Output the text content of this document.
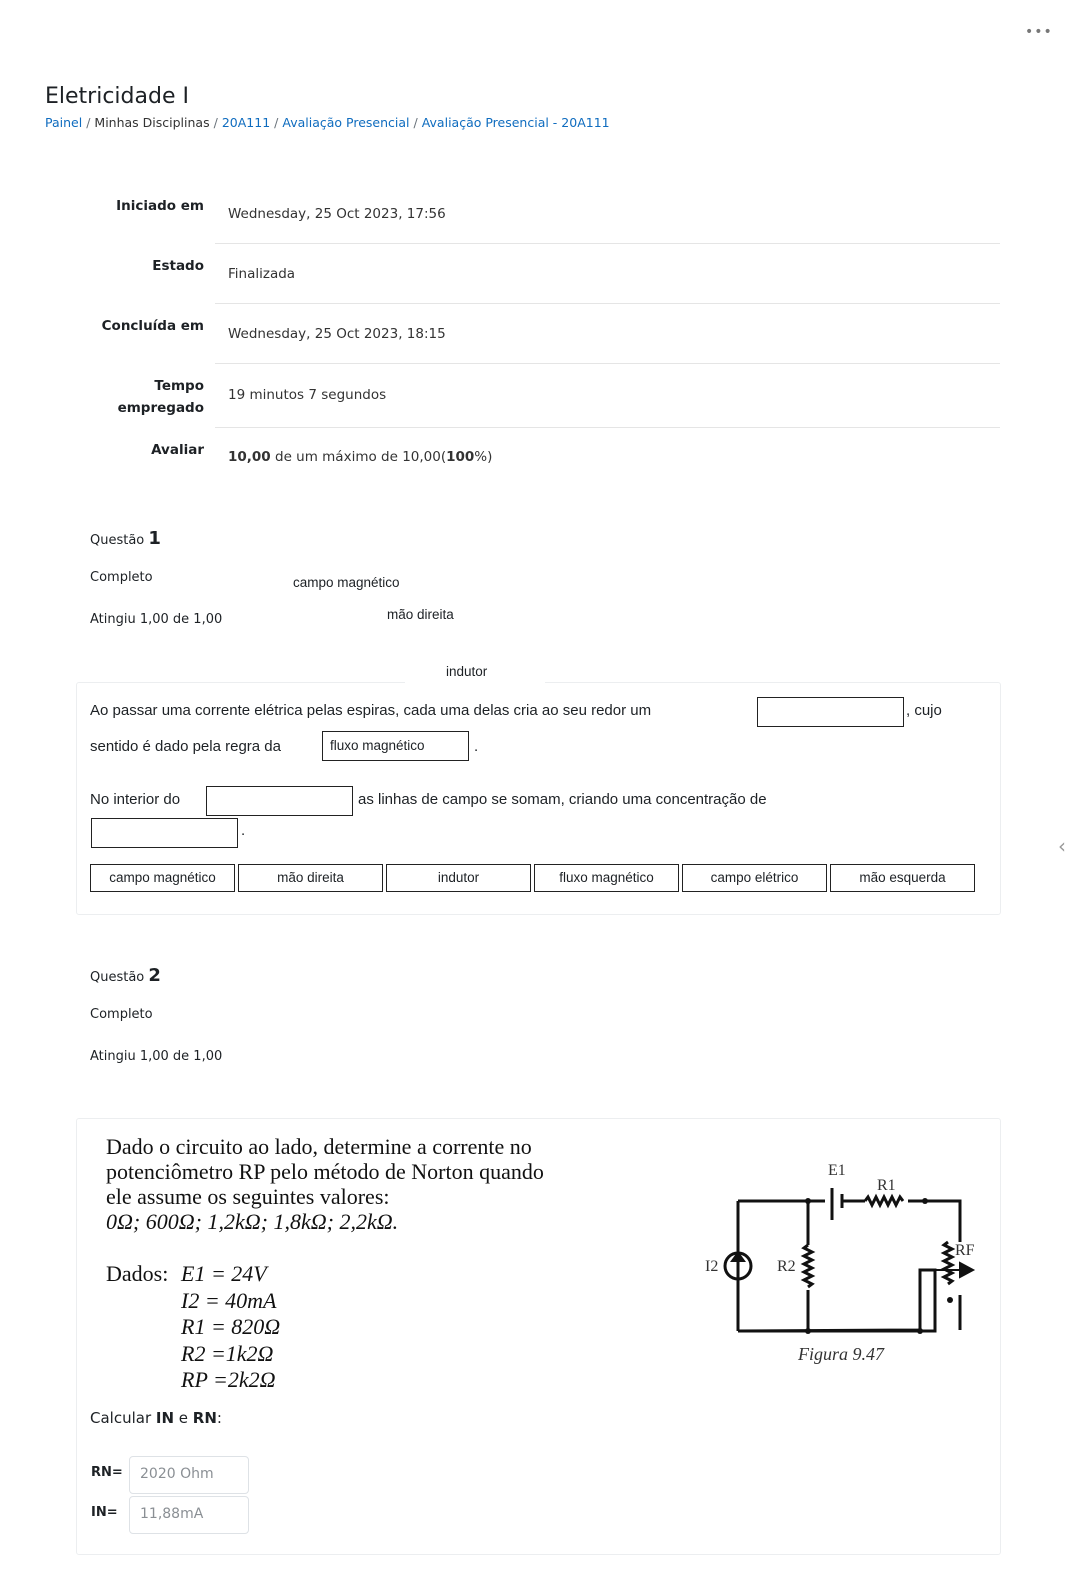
•••
Eletricidade I
Painel / Minhas Disciplinas / 20A111 / Avaliação Presencial / Avaliação Presencial - 20A111
Iniciado em Wednesday, 25 Oct 2023, 17:56
Estado Finalizada
Concluída em Wednesday, 25 Oct 2023, 18:15
Tempo empregado
19 minutos 7 segundos
Avaliar 10,00 de um máximo de 10,00(100%)
Questão 1
Completo
Atingiu 1,00 de 1,00
campo magnético
mão direita
indutor
Ao passar uma corrente elétrica pelas espiras, cada uma delas cria ao seu redor um	, cujo
sentido é dado pela regra da	fluxo magnético	.
No interior do	as linhas de campo se somam, criando uma concentração de
.
campo magnético	mão direita	indutor	fluxo magnético	campo elétrico	mão esquerda
‹
Questão 2
Completo
Atingiu 1,00 de 1,00
Dado o circuito ao lado, determine a corrente no
potenciômetro RP pelo método de Norton quando
ele assume os seguintes valores:
0Ω; 600Ω; 1,2kΩ; 1,8kΩ; 2,2kΩ.
Dados: E1 = 24V
I2 = 40mA
R1 = 820Ω
R2 =1k2Ω
RP =2k2Ω
E1
R1
R2
I2
RF
Figura 9.47
Calcular IN e RN:
RN=	2020 Ohm
IN=	11,88mA
